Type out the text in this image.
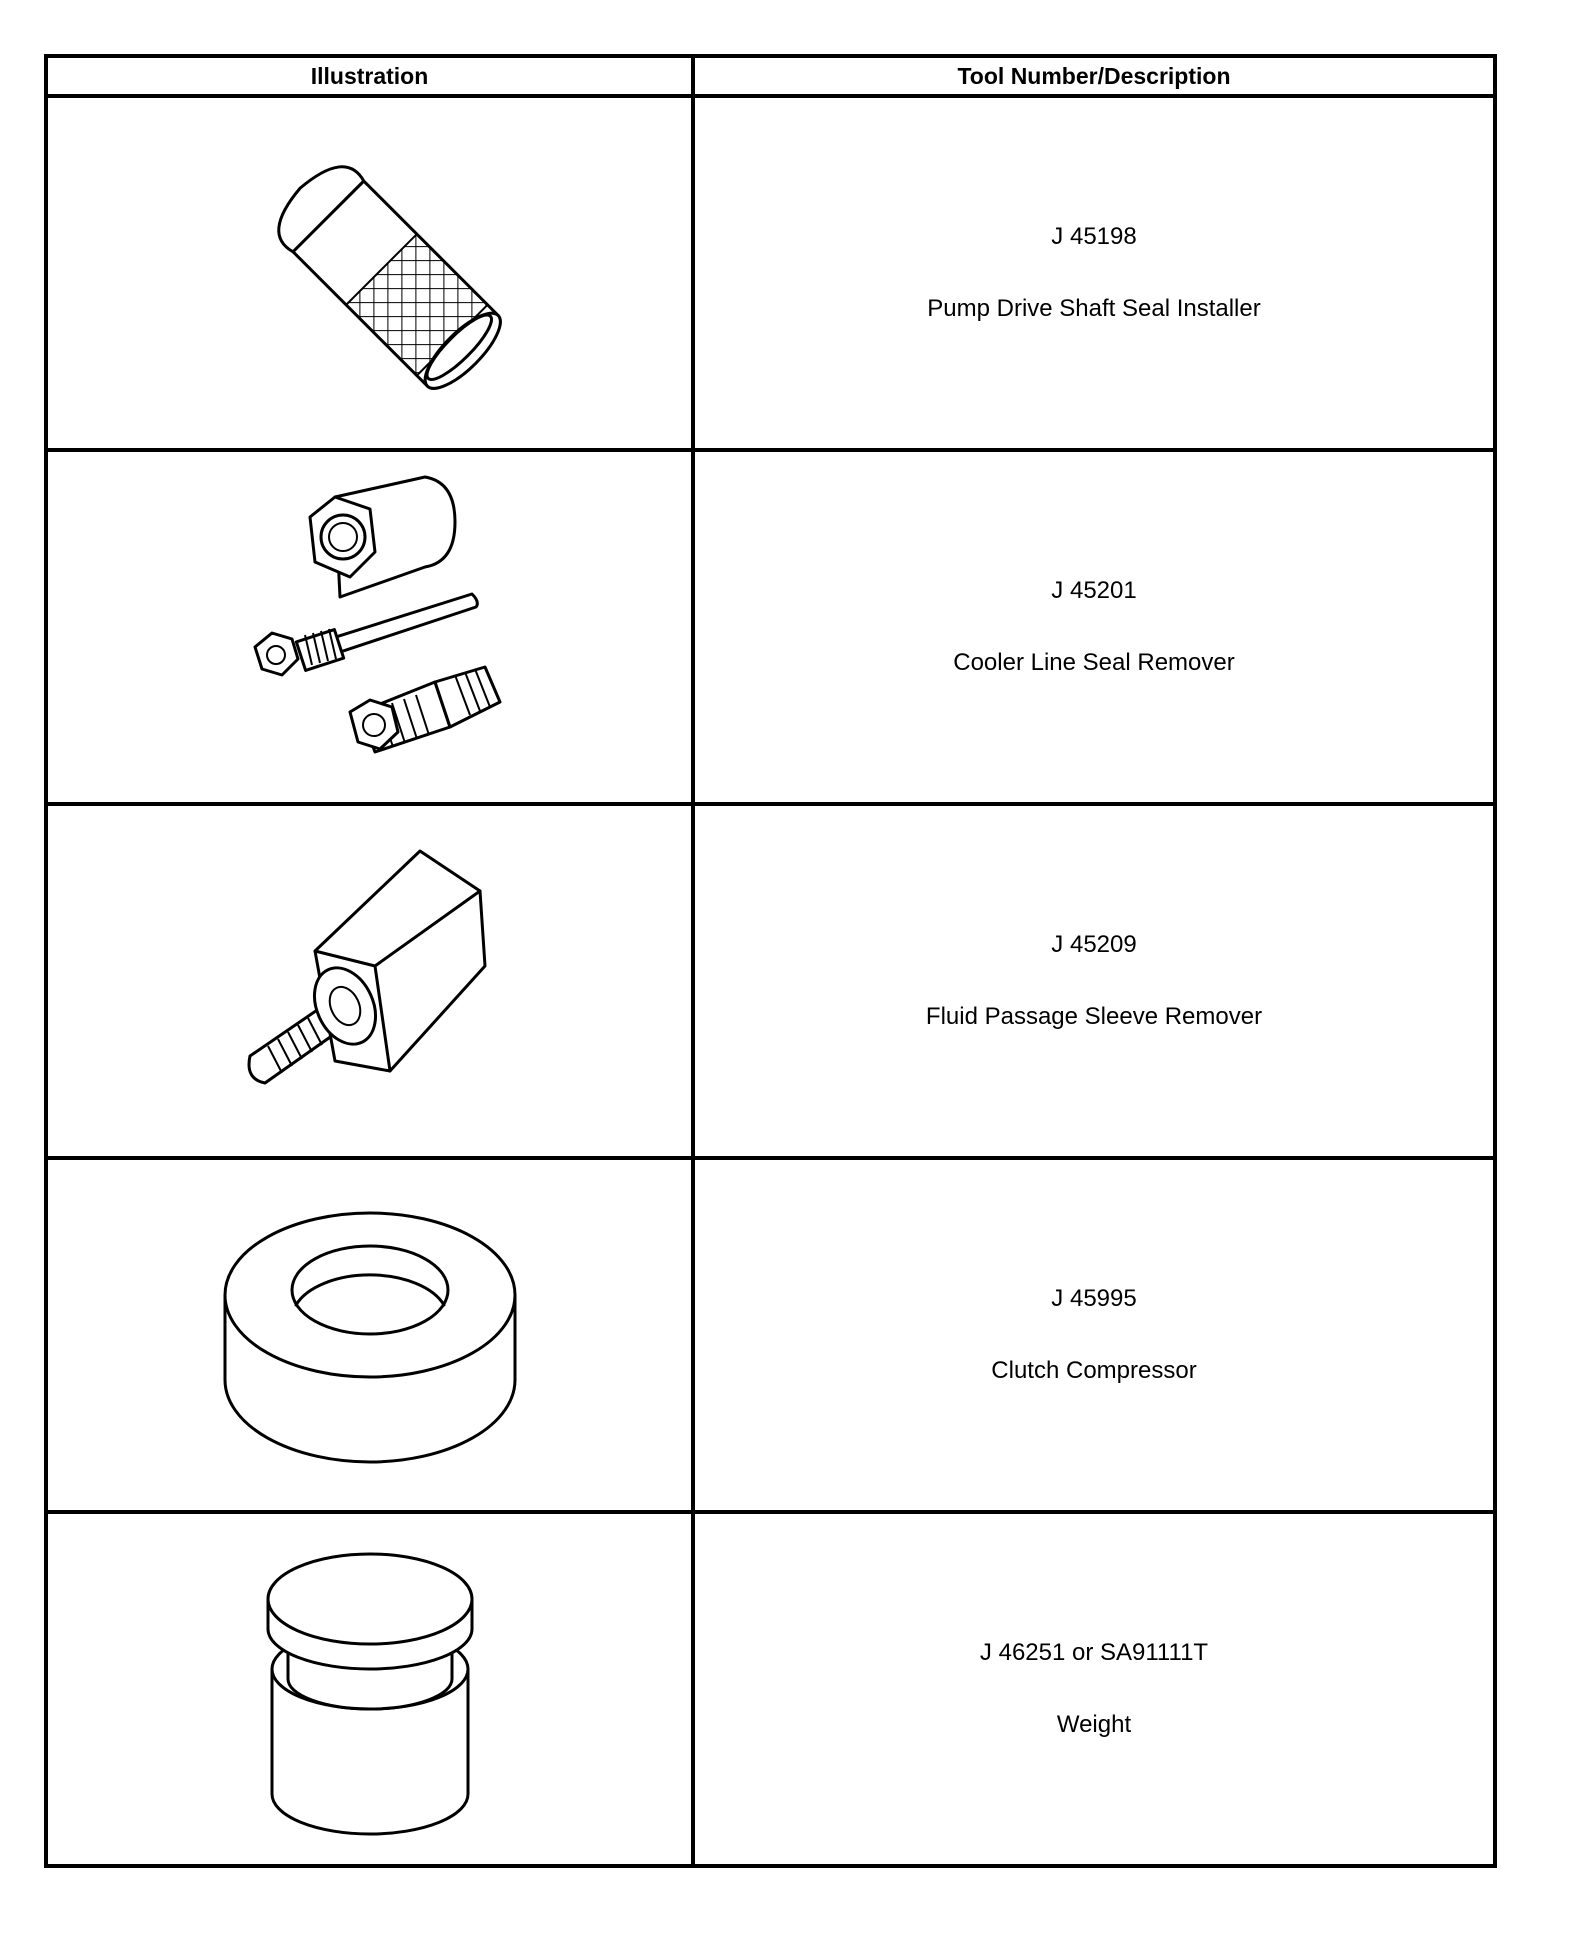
Illustration	Tool Number/Description

J 45198
Pump Drive Shaft Seal Installer

J 45201
Cooler Line Seal Remover

J 45209
Fluid Passage Sleeve Remover

J 45995
Clutch Compressor

J 46251 or SA91111T
Weight
